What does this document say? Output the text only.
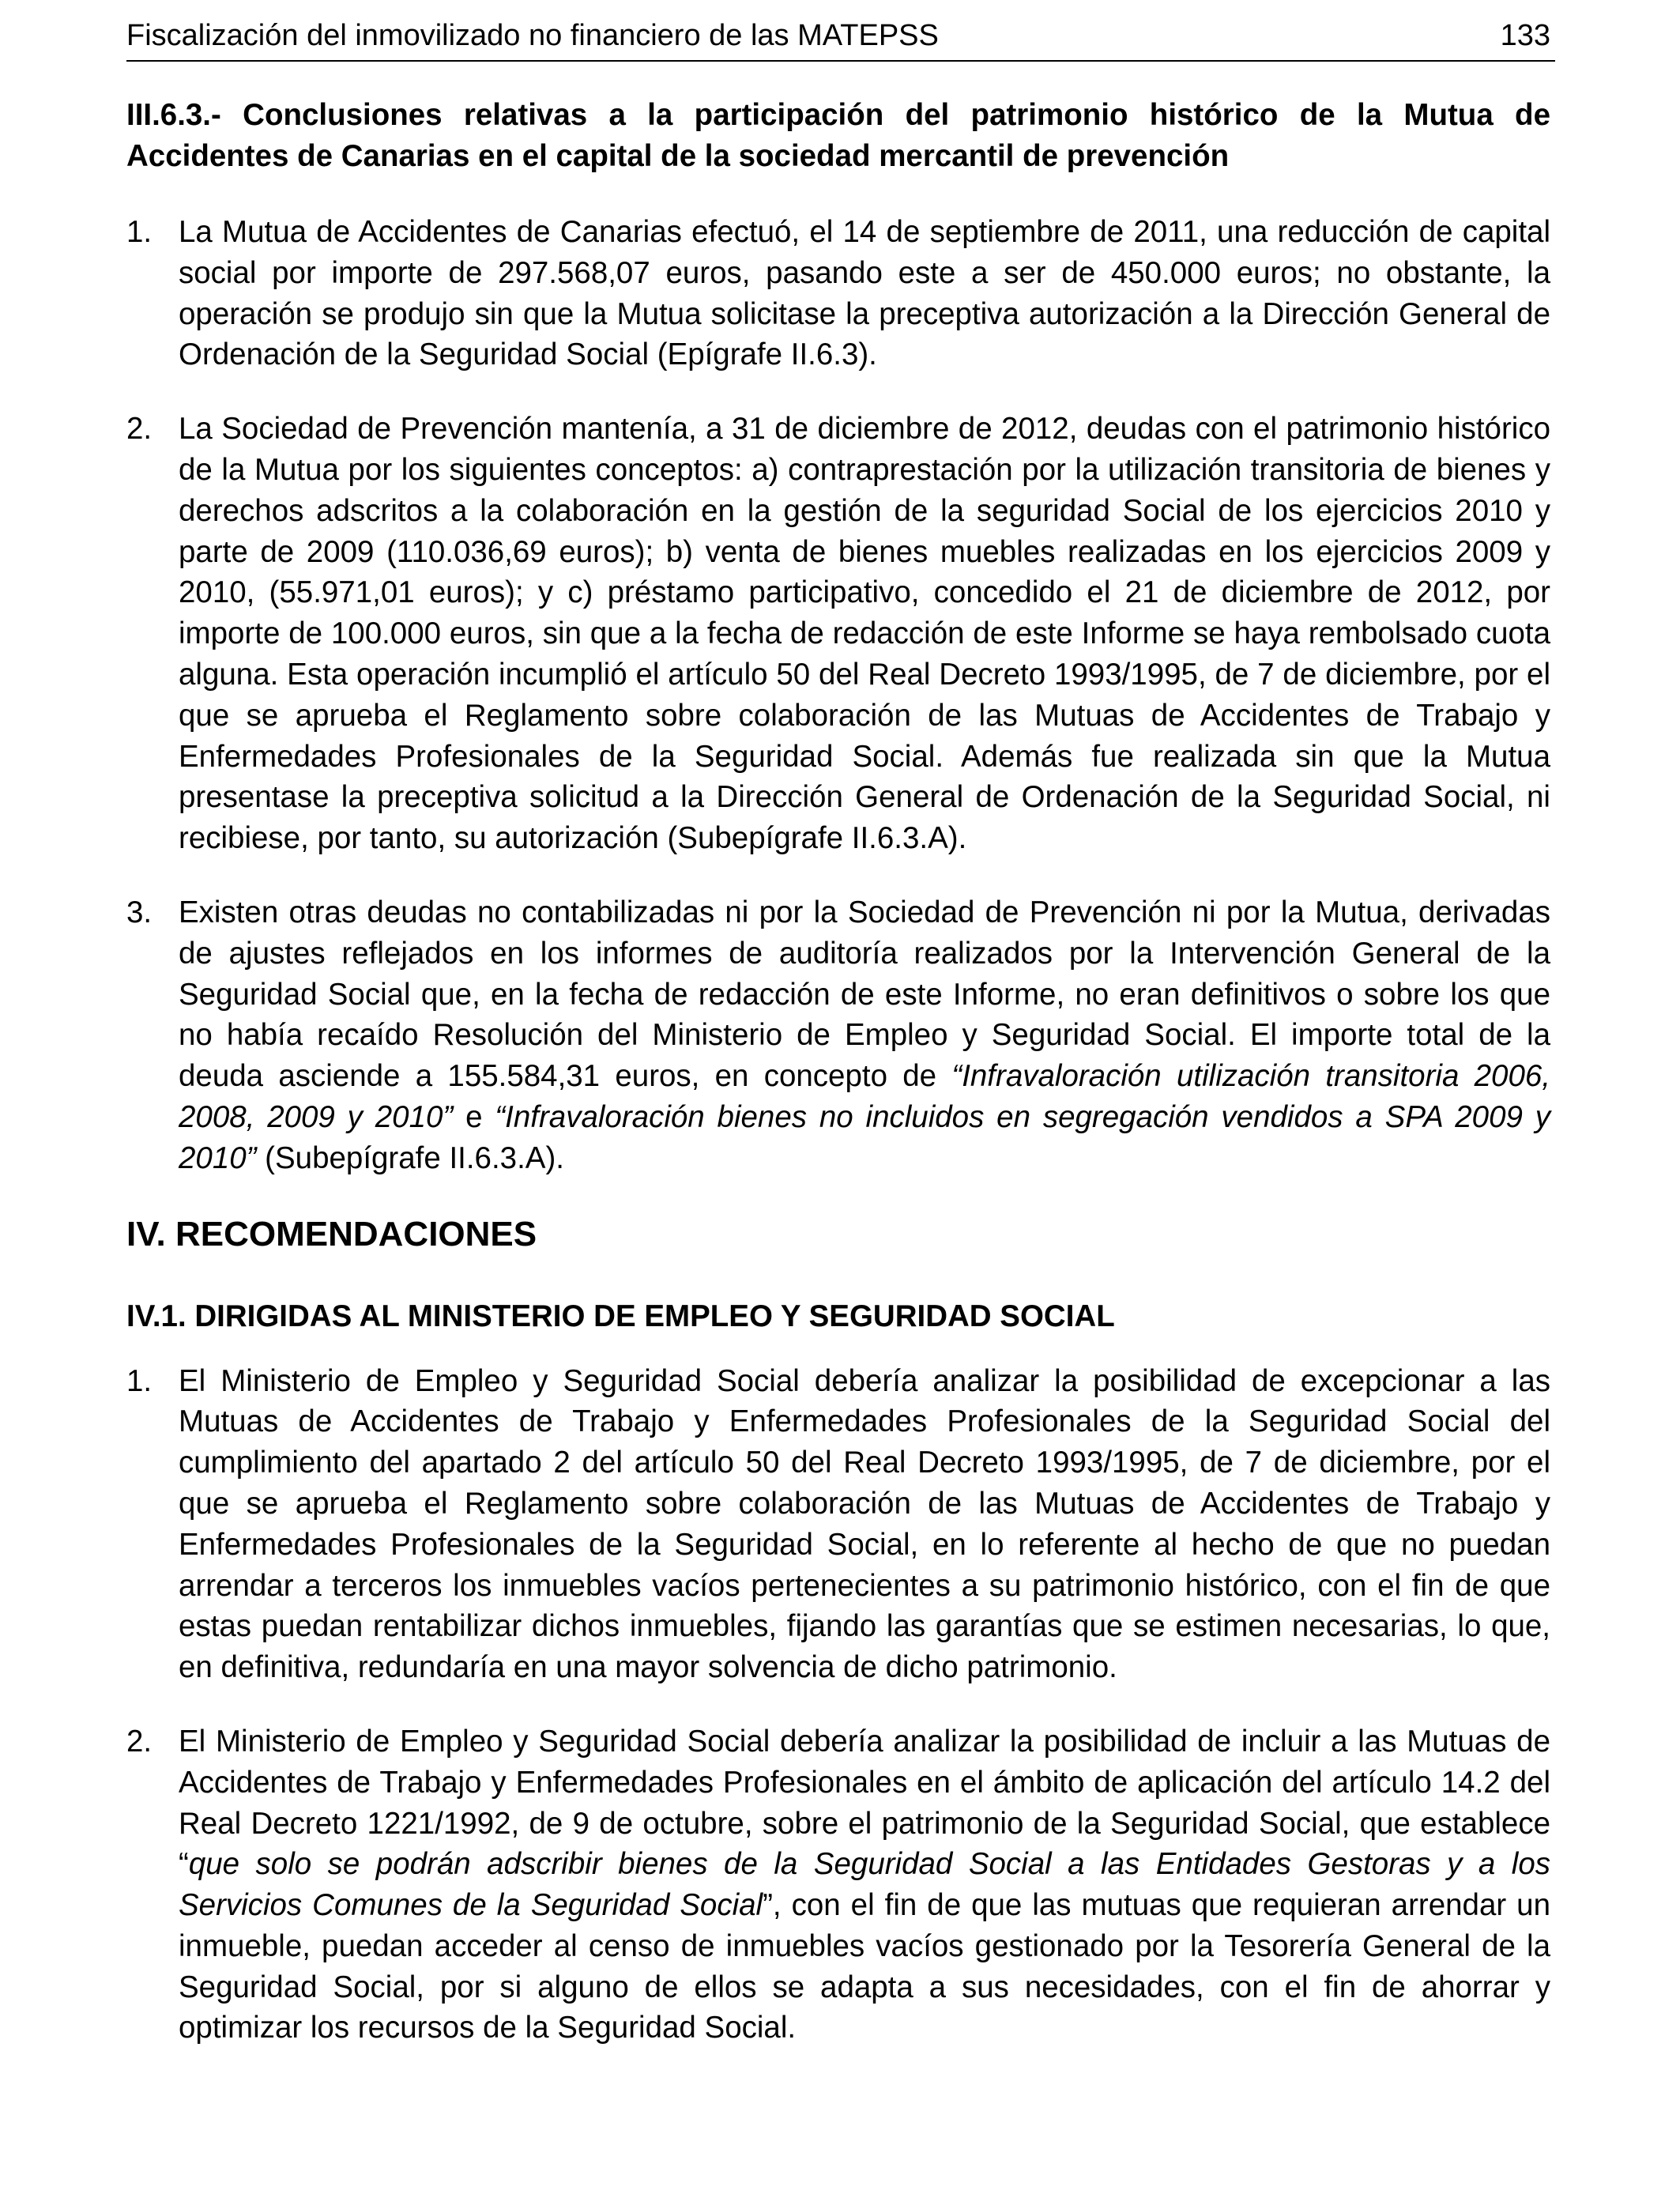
Fiscalización del inmovilizado no financiero de las MATEPSS	133
III.6.3.- Conclusiones relativas a la participación del patrimonio histórico de la Mutua de Accidentes de Canarias en el capital de la sociedad mercantil de prevención
1. La Mutua de Accidentes de Canarias efectuó, el 14 de septiembre de 2011, una reducción de capital social por importe de 297.568,07 euros, pasando este a ser de 450.000 euros; no obstante, la operación se produjo sin que la Mutua solicitase la preceptiva autorización a la Dirección General de Ordenación de la Seguridad Social (Epígrafe II.6.3).
2. La Sociedad de Prevención mantenía, a 31 de diciembre de 2012, deudas con el patrimonio histórico de la Mutua por los siguientes conceptos: a) contraprestación por la utilización transitoria de bienes y derechos adscritos a la colaboración en la gestión de la seguridad Social de los ejercicios 2010 y parte de 2009 (110.036,69 euros); b) venta de bienes muebles realizadas en los ejercicios 2009 y 2010, (55.971,01 euros); y c) préstamo participativo, concedido el 21 de diciembre de 2012, por importe de 100.000 euros, sin que a la fecha de redacción de este Informe se haya rembolsado cuota alguna. Esta operación incumplió el artículo 50 del Real Decreto 1993/1995, de 7 de diciembre, por el que se aprueba el Reglamento sobre colaboración de las Mutuas de Accidentes de Trabajo y Enfermedades Profesionales de la Seguridad Social. Además fue realizada sin que la Mutua presentase la preceptiva solicitud a la Dirección General de Ordenación de la Seguridad Social, ni recibiese, por tanto, su autorización (Subepígrafe II.6.3.A).
3. Existen otras deudas no contabilizadas ni por la Sociedad de Prevención ni por la Mutua, derivadas de ajustes reflejados en los informes de auditoría realizados por la Intervención General de la Seguridad Social que, en la fecha de redacción de este Informe, no eran definitivos o sobre los que no había recaído Resolución del Ministerio de Empleo y Seguridad Social. El importe total de la deuda asciende a 155.584,31 euros, en concepto de “Infravaloración utilización transitoria 2006, 2008, 2009 y 2010” e “Infravaloración bienes no incluidos en segregación vendidos a SPA 2009 y 2010” (Subepígrafe II.6.3.A).
IV. RECOMENDACIONES
IV.1. DIRIGIDAS AL MINISTERIO DE EMPLEO Y SEGURIDAD SOCIAL
1. El Ministerio de Empleo y Seguridad Social debería analizar la posibilidad de excepcionar a las Mutuas de Accidentes de Trabajo y Enfermedades Profesionales de la Seguridad Social del cumplimiento del apartado 2 del artículo 50 del Real Decreto 1993/1995, de 7 de diciembre, por el que se aprueba el Reglamento sobre colaboración de las Mutuas de Accidentes de Trabajo y Enfermedades Profesionales de la Seguridad Social, en lo referente al hecho de que no puedan arrendar a terceros los inmuebles vacíos pertenecientes a su patrimonio histórico, con el fin de que estas puedan rentabilizar dichos inmuebles, fijando las garantías que se estimen necesarias, lo que, en definitiva, redundaría en una mayor solvencia de dicho patrimonio.
2. El Ministerio de Empleo y Seguridad Social debería analizar la posibilidad de incluir a las Mutuas de Accidentes de Trabajo y Enfermedades Profesionales en el ámbito de aplicación del artículo 14.2 del Real Decreto 1221/1992, de 9 de octubre, sobre el patrimonio de la Seguridad Social, que establece “que solo se podrán adscribir bienes de la Seguridad Social a las Entidades Gestoras y a los Servicios Comunes de la Seguridad Social”, con el fin de que las mutuas que requieran arrendar un inmueble, puedan acceder al censo de inmuebles vacíos gestionado por la Tesorería General de la Seguridad Social, por si alguno de ellos se adapta a sus necesidades, con el fin de ahorrar y optimizar los recursos de la Seguridad Social.
